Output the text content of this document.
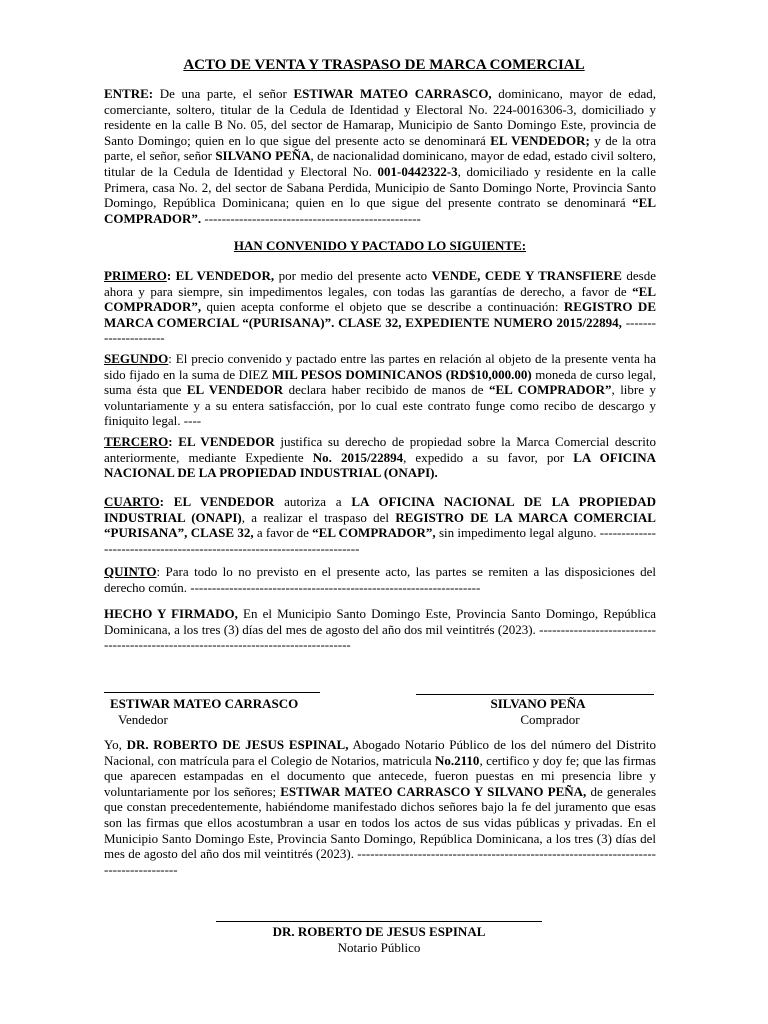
ACTO DE VENTA Y TRASPASO DE MARCA COMERCIAL

ENTRE: De una parte, el señor ESTIWAR MATEO CARRASCO, dominicano, mayor de edad, comerciante, soltero, titular de la Cedula de Identidad y Electoral No. 224-0016306-3, domiciliado y residente en la calle B No. 05, del sector de Hamarap, Municipio de Santo Domingo Este, provincia de Santo Domingo; quien en lo que sigue del presente acto se denominará EL VENDEDOR; y de la otra parte, el señor, señor SILVANO PEÑA, de nacionalidad dominicano, mayor de edad, estado civil soltero, titular de la Cedula de Identidad y Electoral No. 001-0442322-3, domiciliado y residente en la calle Primera, casa No. 2, del sector de Sabana Perdida, Municipio de Santo Domingo Norte, Provincia Santo Domingo, República Dominicana; quien en lo que sigue del presente contrato se denominará “EL COMPRADOR”. --------------------------------------------------

HAN CONVENIDO Y PACTADO LO SIGUIENTE:

PRIMERO: EL VENDEDOR, por medio del presente acto VENDE, CEDE Y TRANSFIERE desde ahora y para siempre, sin impedimentos legales, con todas las garantías de derecho, a favor de “EL COMPRADOR”, quien acepta conforme el objeto que se describe a continuación: REGISTRO DE MARCA COMERCIAL “(PURISANA)”. CLASE 32, EXPEDIENTE NUMERO 2015/22894, ---------------------

SEGUNDO: El precio convenido y pactado entre las partes en relación al objeto de la presente venta ha sido fijado en la suma de DIEZ MIL PESOS DOMINICANOS (RD$10,000.00) moneda de curso legal, suma ésta que EL VENDEDOR declara haber recibido de manos de “EL COMPRADOR”, libre y voluntariamente y a su entera satisfacción, por lo cual este contrato funge como recibo de descargo y finiquito legal. ----

TERCERO: EL VENDEDOR justifica su derecho de propiedad sobre la Marca Comercial descrito anteriormente, mediante Expediente No. 2015/22894, expedido a su favor, por LA OFICINA NACIONAL DE LA PROPIEDAD INDUSTRIAL (ONAPI).

CUARTO: EL VENDEDOR autoriza a LA OFICINA NACIONAL DE LA PROPIEDAD INDUSTRIAL (ONAPI), a realizar el traspaso del REGISTRO DE LA MARCA COMERCIAL “PURISANA”, CLASE 32, a favor de “EL COMPRADOR”, sin impedimento legal alguno. ------------------------------------------------------------------------

QUINTO: Para todo lo no previsto en el presente acto, las partes se remiten a las disposiciones del derecho común. -------------------------------------------------------------------

HECHO Y FIRMADO, En el Municipio Santo Domingo Este, Provincia Santo Domingo, República Dominicana, a los tres (3) días del mes de agosto del año dos mil veintitrés (2023). ------------------------------------------------------------------------------------

ESTIWAR MATEO CARRASCO
Vendedor
SILVANO PEÑA
Comprador

Yo, DR. ROBERTO DE JESUS ESPINAL, Abogado Notario Público de los del número del Distrito Nacional, con matrícula para el Colegio de Notarios, matricula No.2110, certifico y doy fe; que las firmas que aparecen estampadas en el documento que antecede, fueron puestas en mi presencia libre y voluntariamente por los señores; ESTIWAR MATEO CARRASCO Y SILVANO PEÑA, de generales que constan precedentemente, habiéndome manifestado dichos señores bajo la fe del juramento que esas son las firmas que ellos acostumbran a usar en todos los actos de sus vidas públicas y privadas. En el Municipio Santo Domingo Este, Provincia Santo Domingo, República Dominicana, a los tres (3) días del mes de agosto del año dos mil veintitrés (2023). --------------------------------------------------------------------------------------

DR. ROBERTO DE JESUS ESPINAL
Notario Público
